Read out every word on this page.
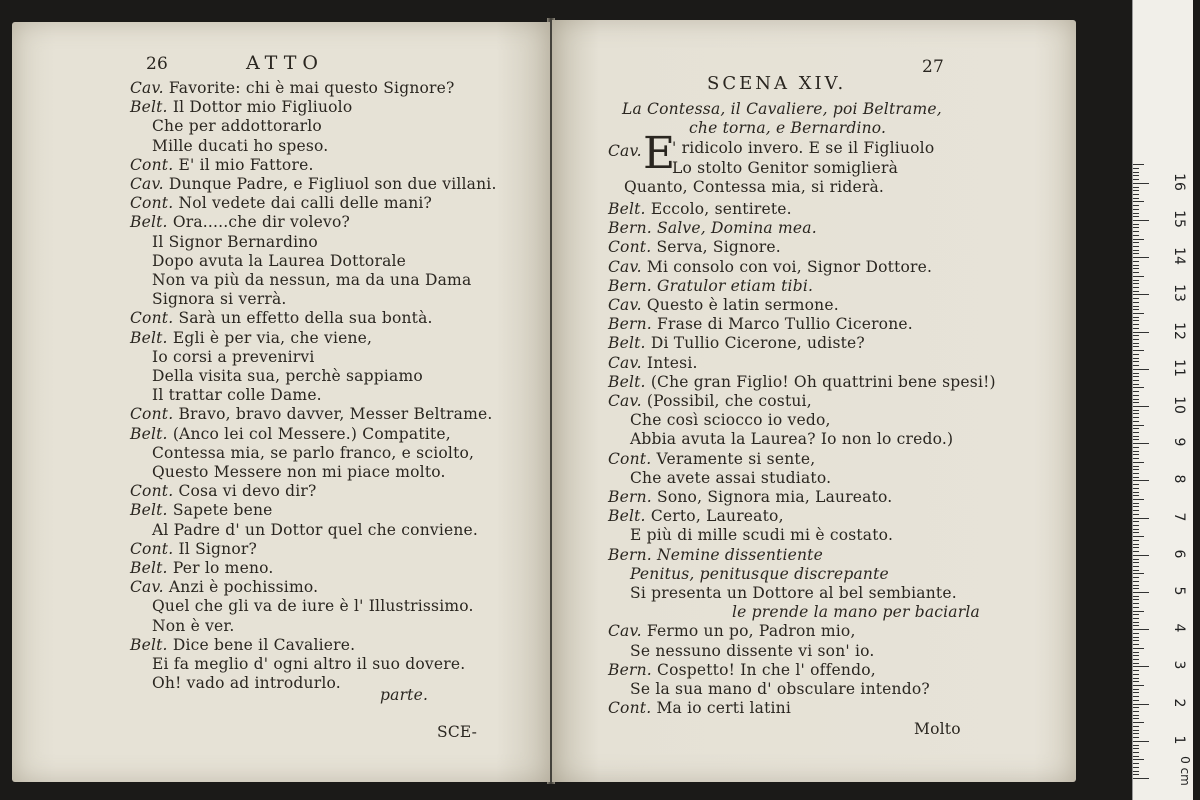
26	ATTO
Cav. Favorite: chi è mai questo Signore?
Belt. Il Dottor mio Figliuolo
Che per addottorarlo
Mille ducati ho speso.
Cont. E' il mio Fattore.
Cav. Dunque Padre, e Figliuol son due villani.
Cont. Nol vedete dai calli delle mani?
Belt. Ora.....che dir volevo?
Il Signor Bernardino
Dopo avuta la Laurea Dottorale
Non va più da nessun, ma da una Dama
Signora si verrà.
Cont. Sarà un effetto della sua bontà.
Belt. Egli è per via, che viene,
Io corsi a prevenirvi
Della visita sua, perchè sappiamo
Il trattar colle Dame.
Cont. Bravo, bravo davver, Messer Beltrame.
Belt. (Anco lei col Messere.) Compatite,
Contessa mia, se parlo franco, e sciolto,
Questo Messere non mi piace molto.
Cont. Cosa vi devo dir?
Belt. Sapete bene
Al Padre d' un Dottor quel che conviene.
Cont. Il Signor?
Belt. Per lo meno.
Cav. Anzi è pochissimo.
Quel che gli va de iure è l' Illustrissimo.
Non è ver.
Belt. Dice bene il Cavaliere.
Ei fa meglio d' ogni altro il suo dovere.
Oh! vado ad introdurlo.
parte.
SCE-
27
SCENA XIV.
La Contessa, il Cavaliere, poi Beltrame,
che torna, e Bernardino.
Cav. E
' ridicolo invero. E se il Figliuolo
Lo stolto Genitor somiglierà
Quanto, Contessa mia, si riderà.
Belt. Eccolo, sentirete.
Bern. Salve, Domina mea.
Cont. Serva, Signore.
Cav. Mi consolo con voi, Signor Dottore.
Bern. Gratulor etiam tibi.
Cav. Questo è latin sermone.
Bern. Frase di Marco Tullio Cicerone.
Belt. Di Tullio Cicerone, udiste?
Cav. Intesi.
Belt. (Che gran Figlio! Oh quattrini bene spesi!)
Cav. (Possibil, che costui,
Che così sciocco io vedo,
Abbia avuta la Laurea? Io non lo credo.)
Cont. Veramente si sente,
Che avete assai studiato.
Bern. Sono, Signora mia, Laureato.
Belt. Certo, Laureato,
E più di mille scudi mi è costato.
Bern. Nemine dissentiente
Penitus, penitusque discrepante
Si presenta un Dottore al bel sembiante.
le prende la mano per baciarla
Cav. Fermo un po, Padron mio,
Se nessuno dissente vi son' io.
Bern. Cospetto! In che l' offendo,
Se la sua mano d' obsculare intendo?
Cont. Ma io certi latini
Molto
1
2
3
4
5
6
7
8
9
10
11
12
13
14
15
16
0 cm
